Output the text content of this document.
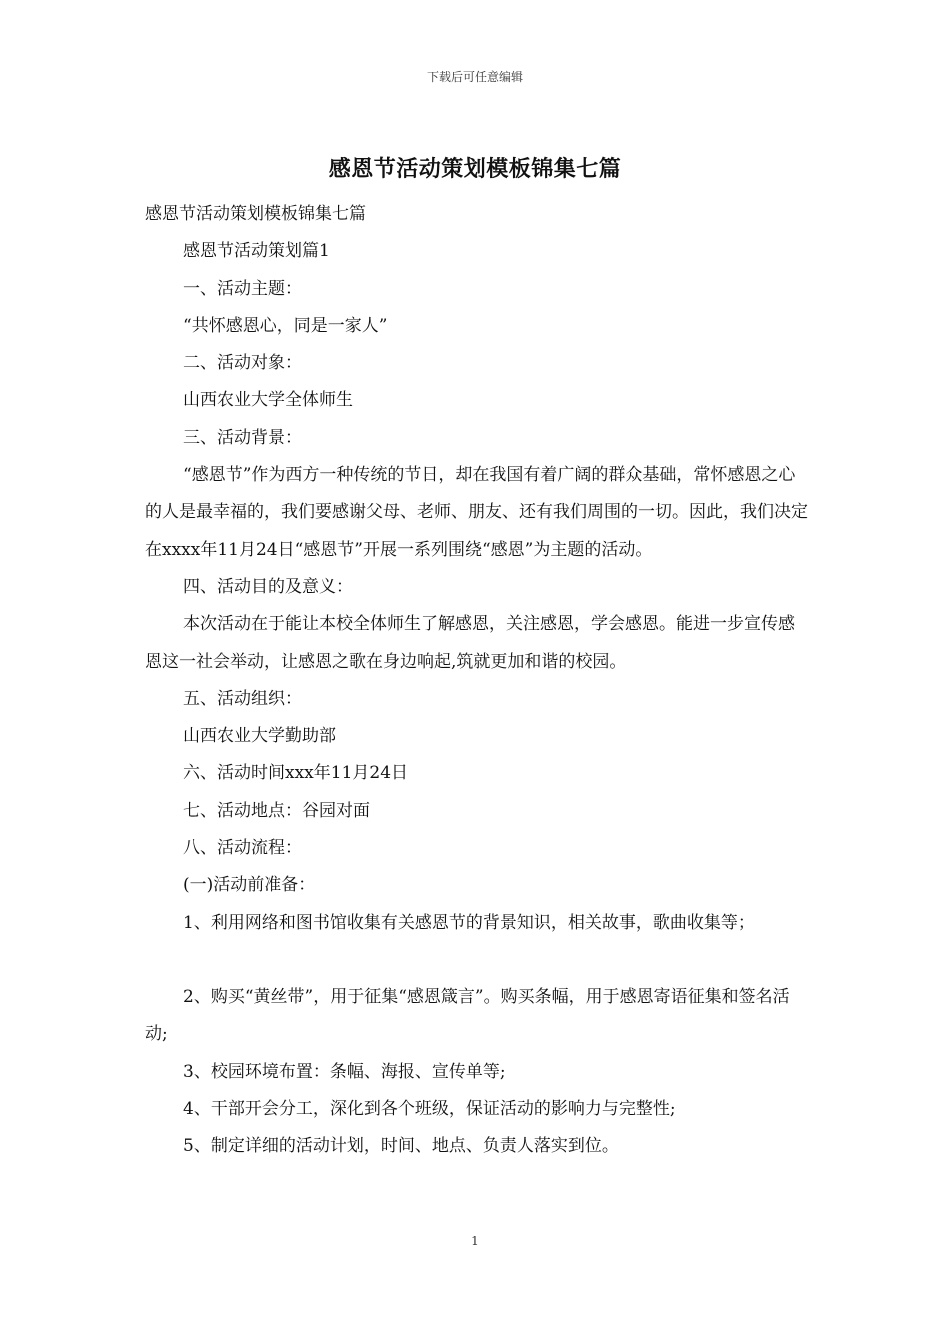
下载后可任意编辑
感恩节活动策划模板锦集七篇

感恩节活动策划模板锦集七篇

感恩节活动策划篇1

一、活动主题：

“共怀感恩心，同是一家人”

二、活动对象：

山西农业大学全体师生

三、活动背景：

“感恩节”作为西方一种传统的节日，却在我国有着广阔的群众基础，常怀感恩之心的人是最幸福的，我们要感谢父母、老师、朋友、还有我们周围的一切。因此，我们决定在xxxx年11月24日“感恩节”开展一系列围绕“感恩”为主题的活动。

四、活动目的及意义：

本次活动在于能让本校全体师生了解感恩，关注感恩，学会感恩。能进一步宣传感恩这一社会举动，让感恩之歌在身边响起,筑就更加和谐的校园。

五、活动组织：

山西农业大学勤助部

六、活动时间xxx年11月24日

七、活动地点：谷园对面

八、活动流程：

(一)活动前准备：

1、利用网络和图书馆收集有关感恩节的背景知识，相关故事，歌曲收集等；

2、购买“黄丝带”，用于征集“感恩箴言”。购买条幅，用于感恩寄语征集和签名活动;

3、校园环境布置：条幅、海报、宣传单等;

4、干部开会分工，深化到各个班级，保证活动的影响力与完整性;

5、制定详细的活动计划，时间、地点、负责人落实到位。

1
